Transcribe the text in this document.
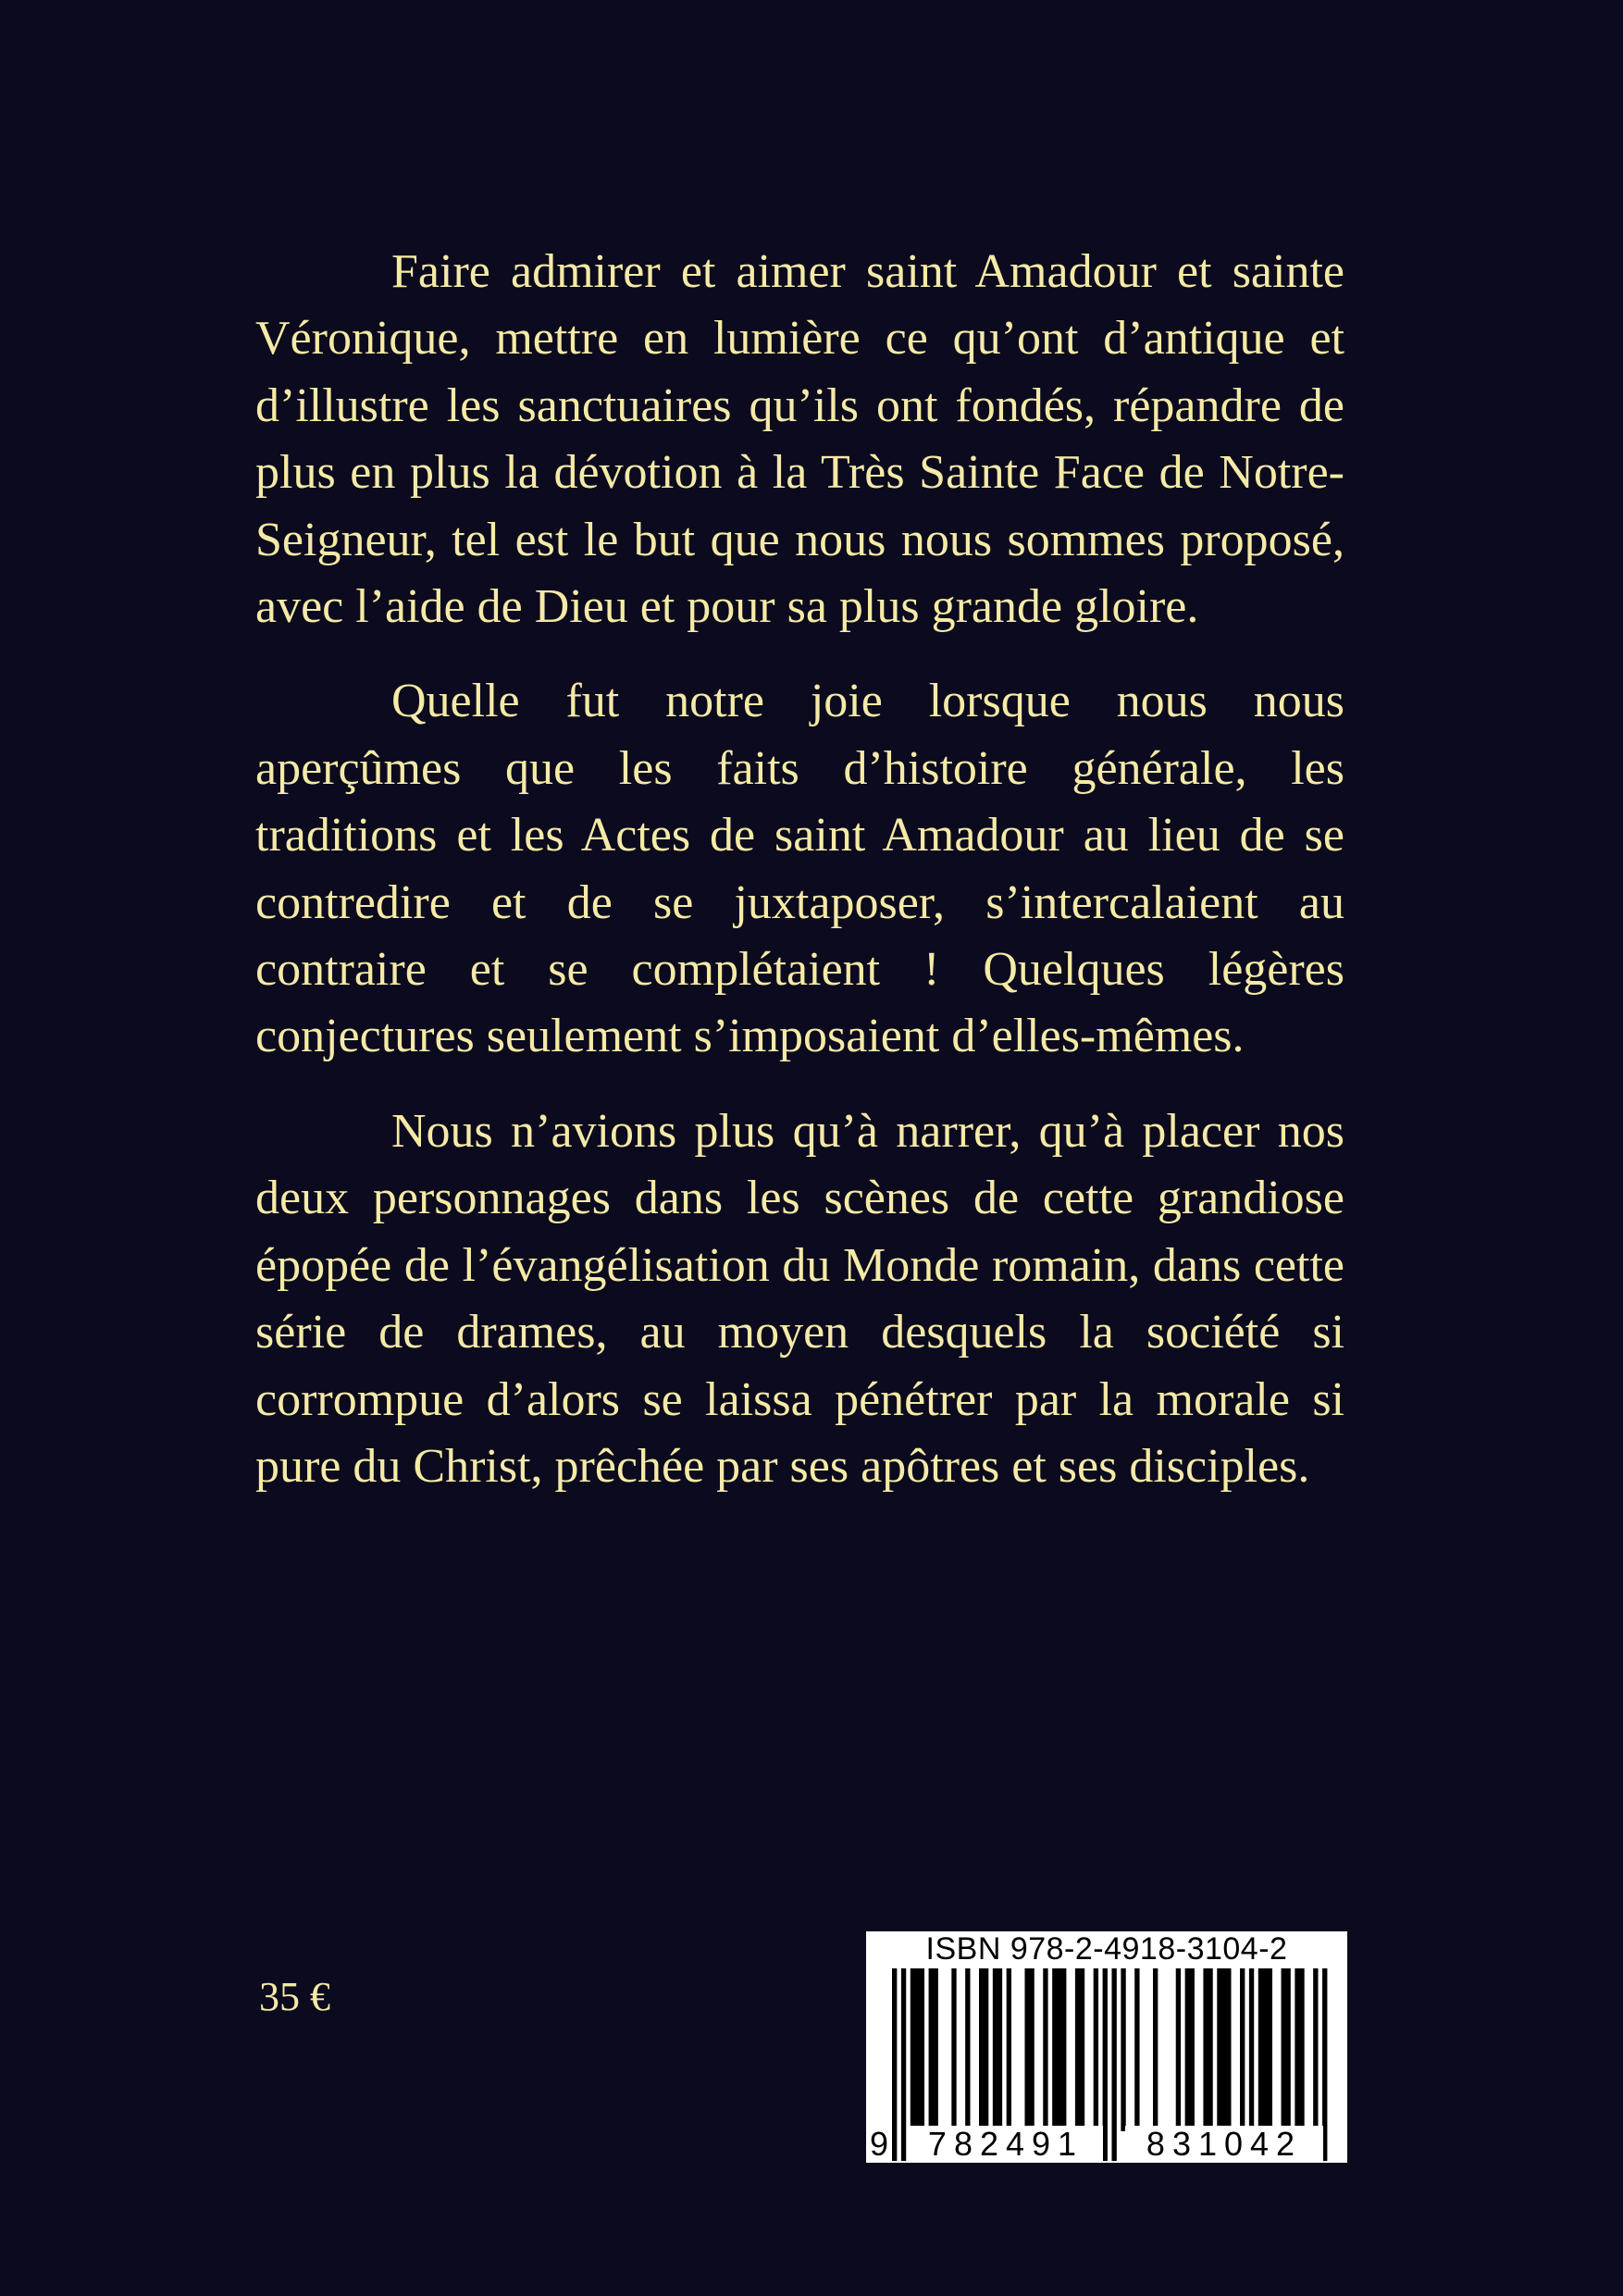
Faire admirer et aimer saint Amadour et sainte Véronique, mettre en lumière ce qu’ont d’antique et d’illustre les sanctuaires qu’ils ont fondés, répandre de plus en plus la dévotion à la Très Sainte Face de Notre-Seigneur, tel est le but que nous nous sommes proposé, avec l’aide de Dieu et pour sa plus grande gloire.

Quelle fut notre joie lorsque nous nous aperçûmes que les faits d’histoire générale, les traditions et les Actes de saint Amadour au lieu de se contredire et de se juxtaposer, s’intercalaient au contraire et se complétaient ! Quelques légères conjectures seulement s’imposaient d’elles-mêmes.

Nous n’avions plus qu’à narrer, qu’à placer nos deux personnages dans les scènes de cette grandiose épopée de l’évangélisation du Monde romain, dans cette série de drames, au moyen desquels la société si corrompue d’alors se laissa pénétrer par la morale si pure du Christ, prêchée par ses apôtres et ses disciples.

35 €
ISBN 978-2-4918-3104-2
9	782491	831042
